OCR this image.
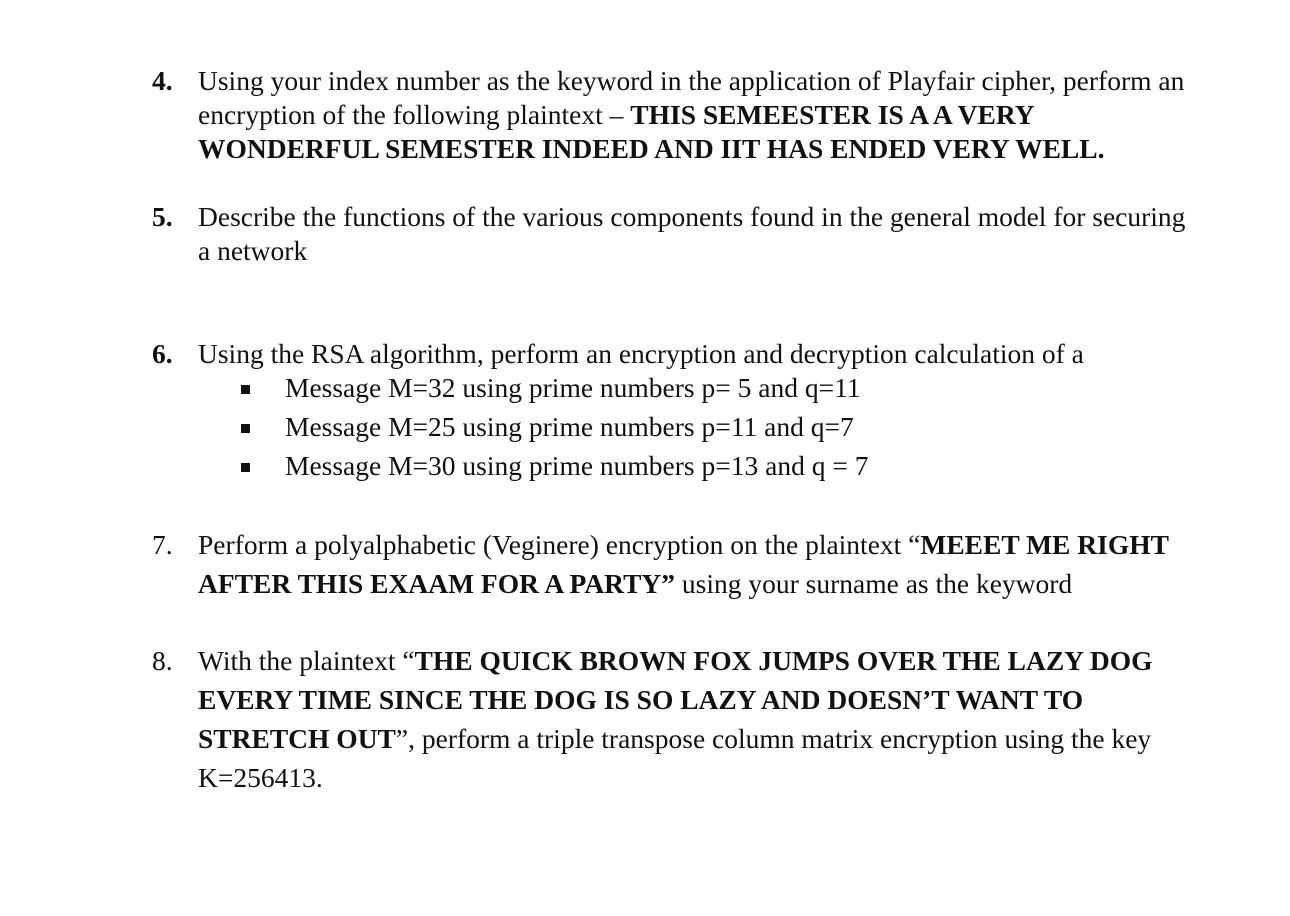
4. Using your index number as the keyword in the application of Playfair cipher, perform an
encryption of the following plaintext – THIS SEMEESTER IS A A VERY
WONDERFUL SEMESTER INDEED AND IIT HAS ENDED VERY WELL.
5. Describe the functions of the various components found in the general model for securing
a network
6. Using the RSA algorithm, perform an encryption and decryption calculation of a
Message M=32 using prime numbers p= 5 and q=11
Message M=25 using prime numbers p=11 and q=7
Message M=30 using prime numbers p=13 and q = 7
7. Perform a polyalphabetic (Veginere) encryption on the plaintext “MEEET ME RIGHT
AFTER THIS EXAAM FOR A PARTY” using your surname as the keyword
8. With the plaintext “THE QUICK BROWN FOX JUMPS OVER THE LAZY DOG
EVERY TIME SINCE THE DOG IS SO LAZY AND DOESN’T WANT TO
STRETCH OUT”, perform a triple transpose column matrix encryption using the key
K=256413.
